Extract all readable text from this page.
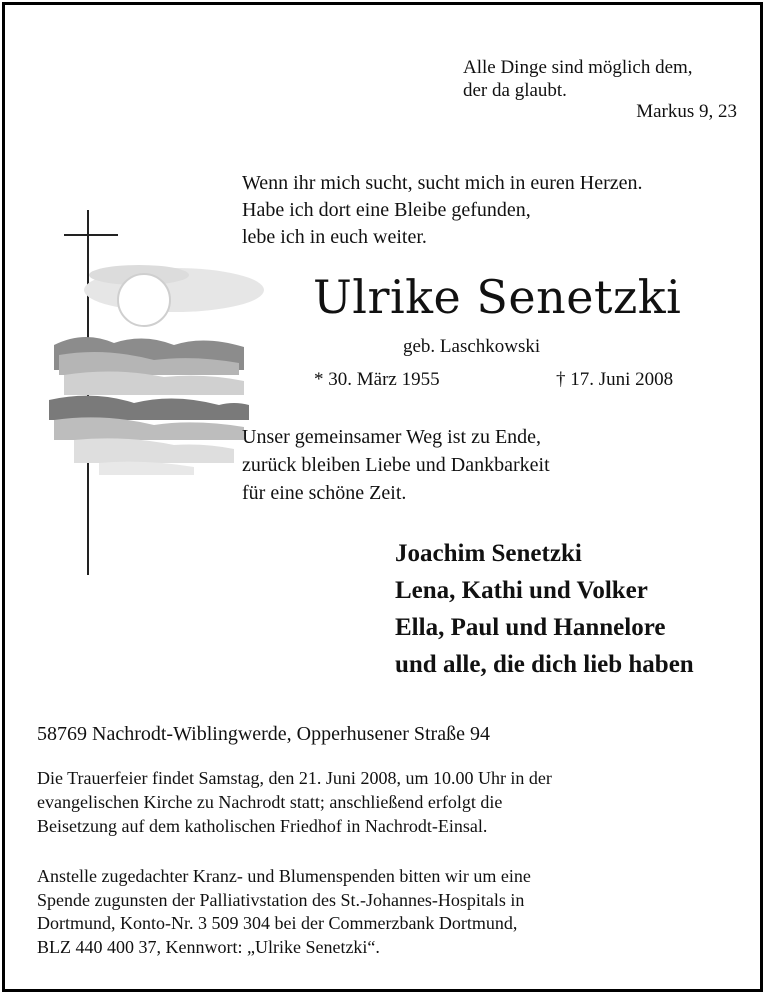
Alle Dinge sind möglich dem,
der da glaubt.
Markus 9, 23
Wenn ihr mich sucht, sucht mich in euren Herzen.
Habe ich dort eine Bleibe gefunden,
lebe ich in euch weiter.
Ulrike Senetzki
geb. Laschkowski
* 30. März 1955	† 17. Juni 2008
Unser gemeinsamer Weg ist zu Ende,
zurück bleiben Liebe und Dankbarkeit
für eine schöne Zeit.
Joachim Senetzki
Lena, Kathi und Volker
Ella, Paul und Hannelore
und alle, die dich lieb haben
58769 Nachrodt-Wiblingwerde, Opperhusener Straße 94
Die Trauerfeier findet Samstag, den 21. Juni 2008, um 10.00 Uhr in der
evangelischen Kirche zu Nachrodt statt; anschließend erfolgt die
Beisetzung auf dem katholischen Friedhof in Nachrodt-Einsal.
Anstelle zugedachter Kranz- und Blumenspenden bitten wir um eine
Spende zugunsten der Palliativstation des St.-Johannes-Hospitals in
Dortmund, Konto-Nr. 3 509 304 bei der Commerzbank Dortmund,
BLZ 440 400 37, Kennwort: „Ulrike Senetzki“.
